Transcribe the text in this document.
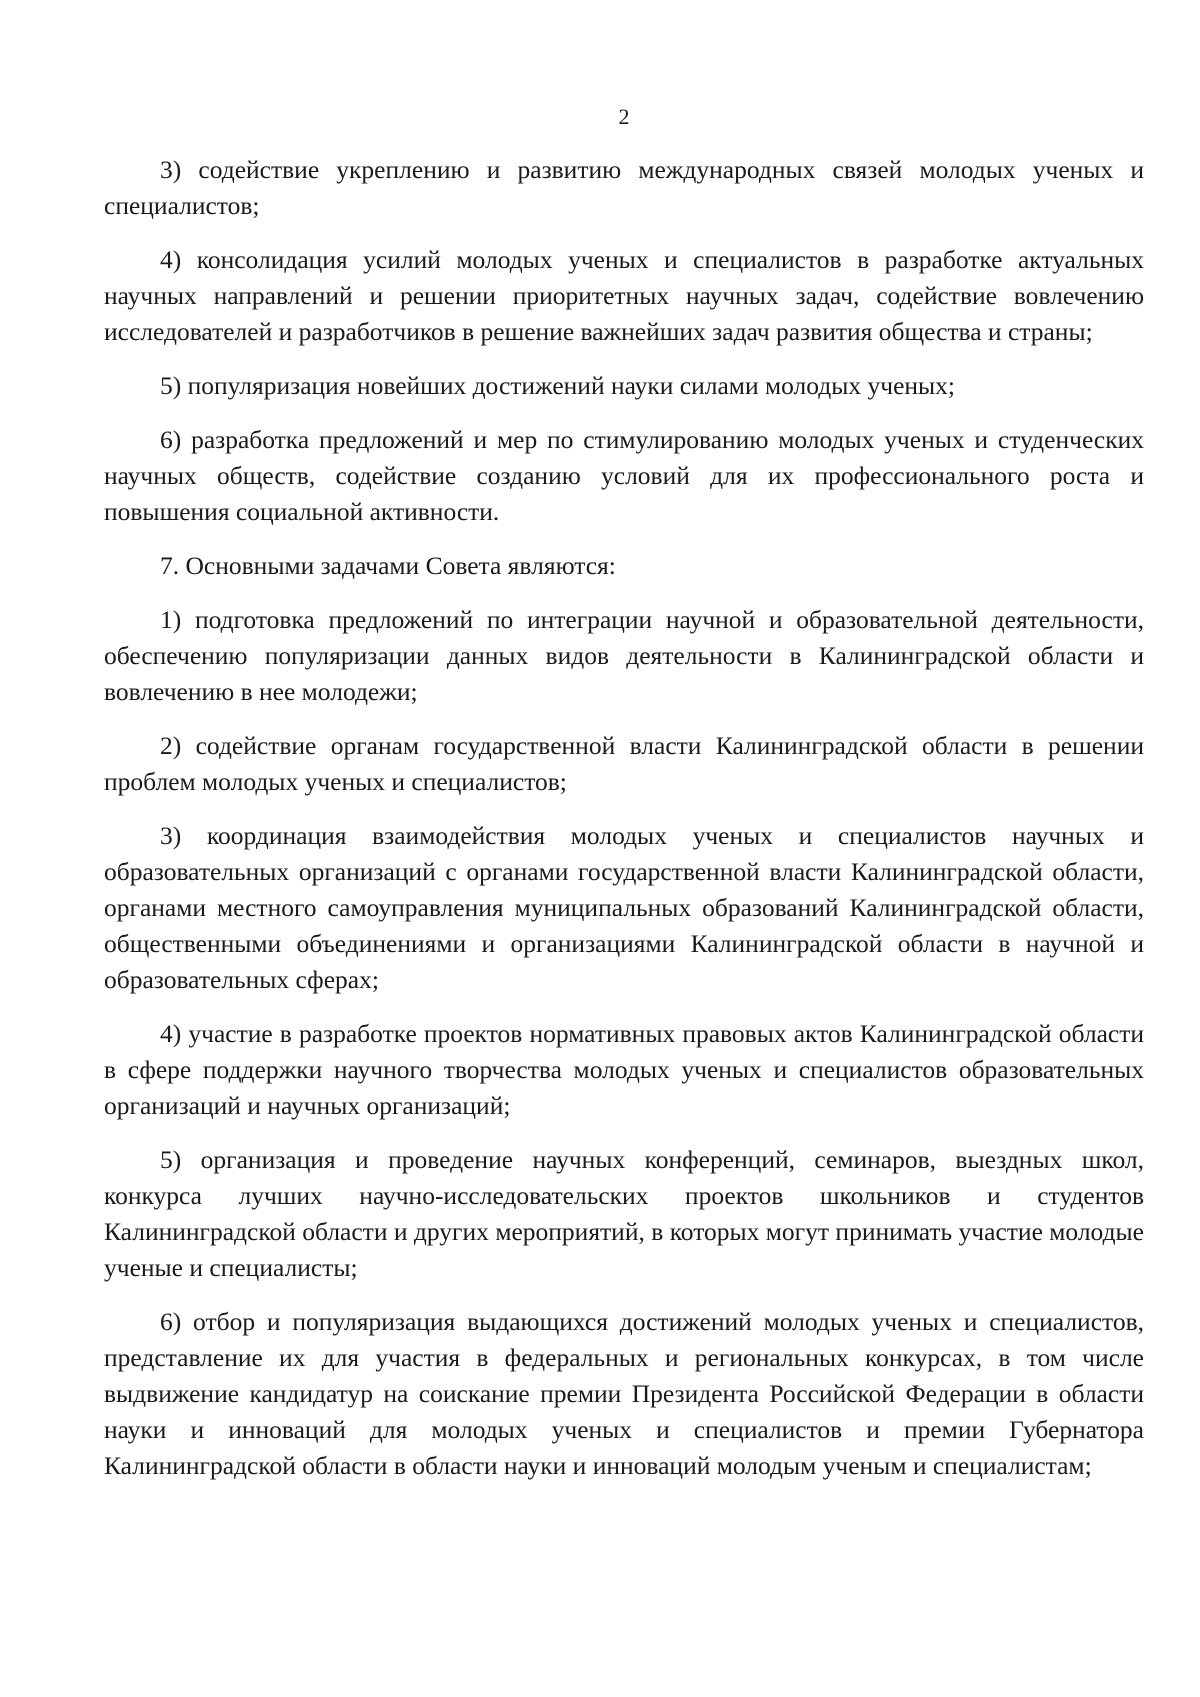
2

3) содействие укреплению и развитию международных связей молодых ученых и специалистов;

4) консолидация усилий молодых ученых и специалистов в разработке актуальных научных направлений и решении приоритетных научных задач, содействие вовлечению исследователей и разработчиков в решение важнейших задач развития общества и страны;

5) популяризация новейших достижений науки силами молодых ученых;

6) разработка предложений и мер по стимулированию молодых ученых и студенческих научных обществ, содействие созданию условий для их профессионального роста и повышения социальной активности.

7. Основными задачами Совета являются:

1) подготовка предложений по интеграции научной и образовательной деятельности, обеспечению популяризации данных видов деятельности в Калининградской области и вовлечению в нее молодежи;

2) содействие органам государственной власти Калининградской области в решении проблем молодых ученых и специалистов;

3) координация взаимодействия молодых ученых и специалистов научных и образовательных организаций с органами государственной власти Калининградской области, органами местного самоуправления муниципальных образований Калининградской области, общественными объединениями и организациями Калининградской области в научной и образовательных сферах;

4) участие в разработке проектов нормативных правовых актов Калининградской области в сфере поддержки научного творчества молодых ученых и специалистов образовательных организаций и научных организаций;

5) организация и проведение научных конференций, семинаров, выездных школ, конкурса лучших научно-исследовательских проектов школьников и студентов Калининградской области и других мероприятий, в которых могут принимать участие молодые ученые и специалисты;

6) отбор и популяризация выдающихся достижений молодых ученых и специалистов, представление их для участия в федеральных и региональных конкурсах, в том числе выдвижение кандидатур на соискание премии Президента Российской Федерации в области науки и инноваций для молодых ученых и специалистов и премии Губернатора Калининградской области в области науки и инноваций молодым ученым и специалистам;
